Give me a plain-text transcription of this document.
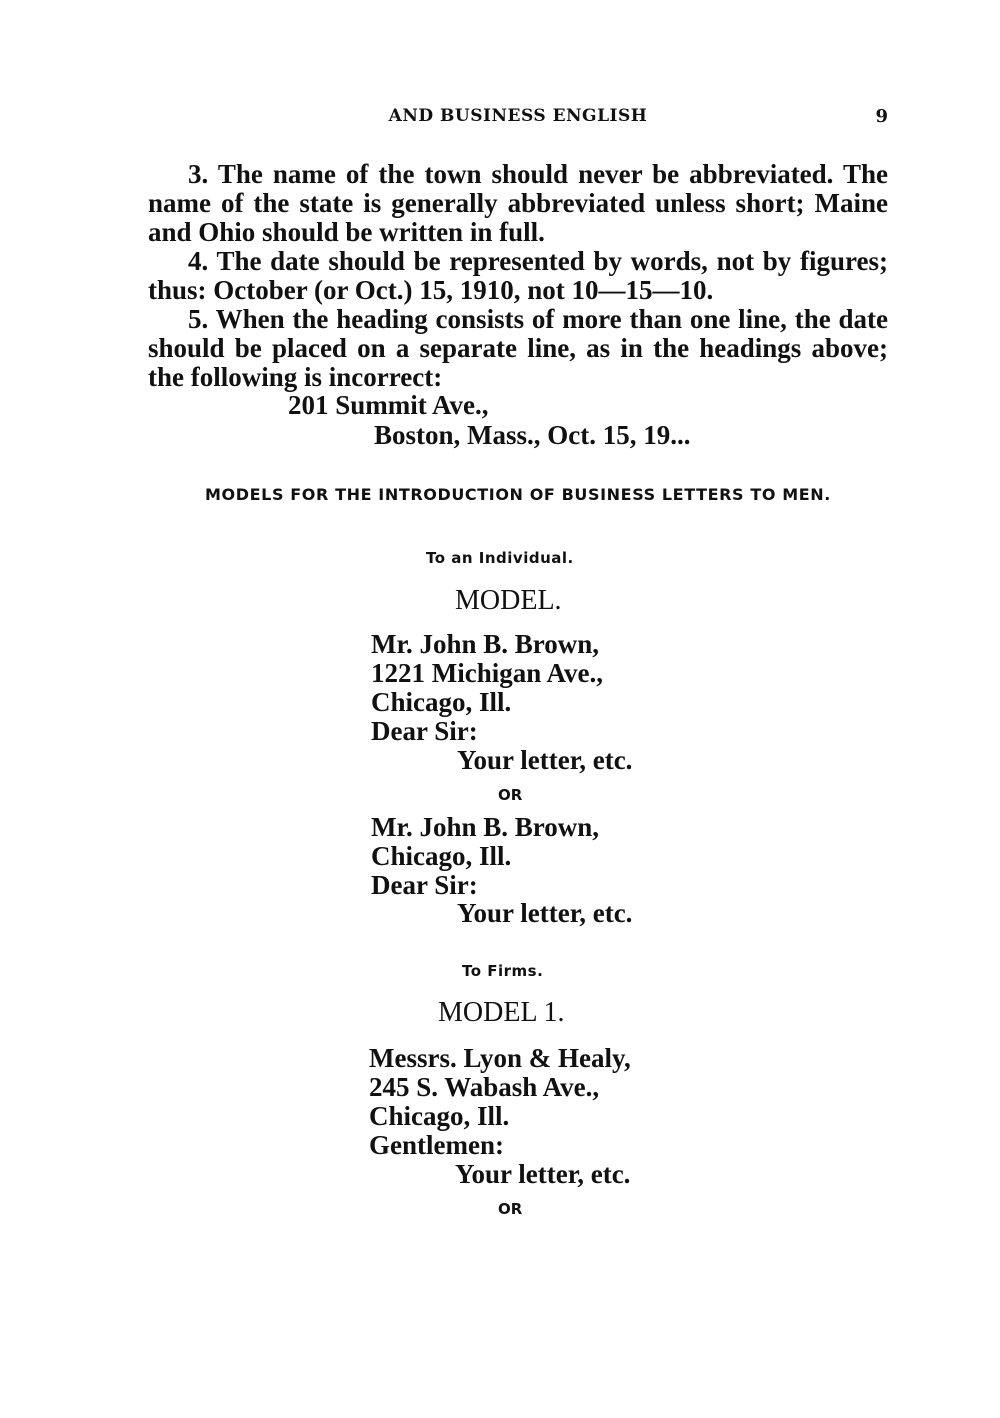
AND BUSINESS ENGLISH	9

3. The name of the town should never be abbreviated. The name of the state is generally abbreviated unless short; Maine and Ohio should be written in full.

4. The date should be represented by words, not by figures; thus: October (or Oct.) 15, 1910, not 10—15—10.

5. When the heading consists of more than one line, the date should be placed on a separate line, as in the headings above; the following is incorrect:

201 Summit Ave.,
Boston, Mass., Oct. 15, 19...
MODELS FOR THE INTRODUCTION OF BUSINESS LETTERS TO MEN.
To an Individual.
MODEL.
Mr. John B. Brown,
1221 Michigan Ave.,
Chicago, Ill.
Dear Sir:
Your letter, etc.
OR
Mr. John B. Brown,
Chicago, Ill.
Dear Sir:
Your letter, etc.
To Firms.
MODEL 1.
Messrs. Lyon & Healy,
245 S. Wabash Ave.,
Chicago, Ill.
Gentlemen:
Your letter, etc.
OR
